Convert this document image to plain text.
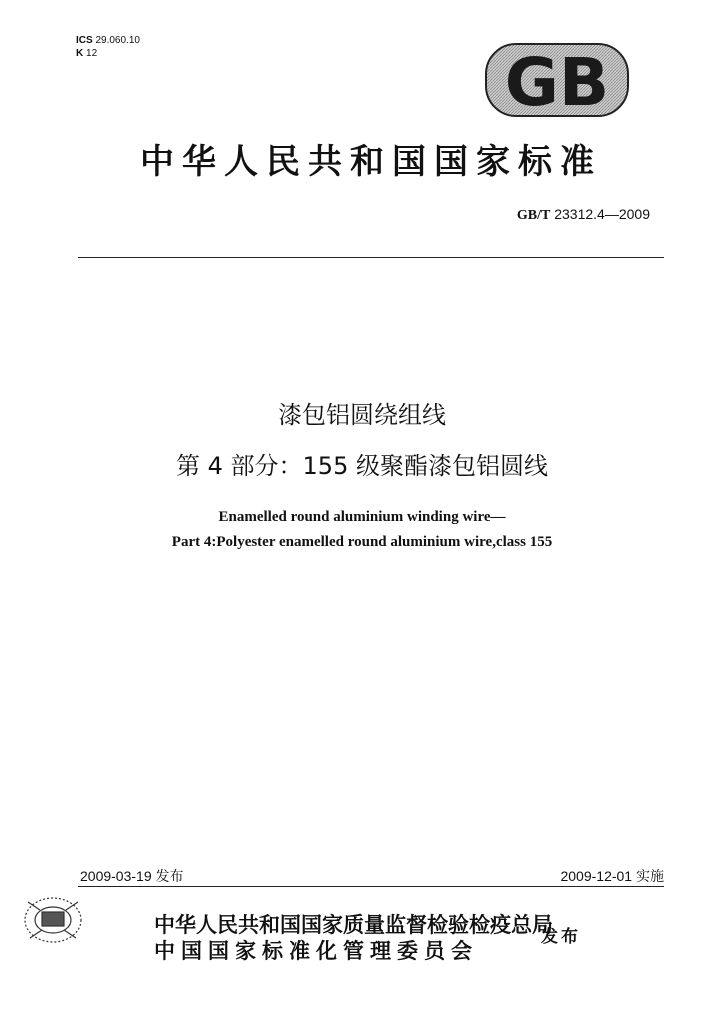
ICS 29.060.10
K 12	GB
中华人民共和国国家标准
GB/T 23312.4—2009
漆包铝圆绕组线
第 4 部分：155 级聚酯漆包铝圆线
Enamelled round aluminium winding wire—
Part 4:Polyester enamelled round aluminium wire,class 155
2009-03-19 发布	2009-12-01 实施
中华人民共和国国家质量监督检验检疫总局
中国国家标准化管理委员会
发布
